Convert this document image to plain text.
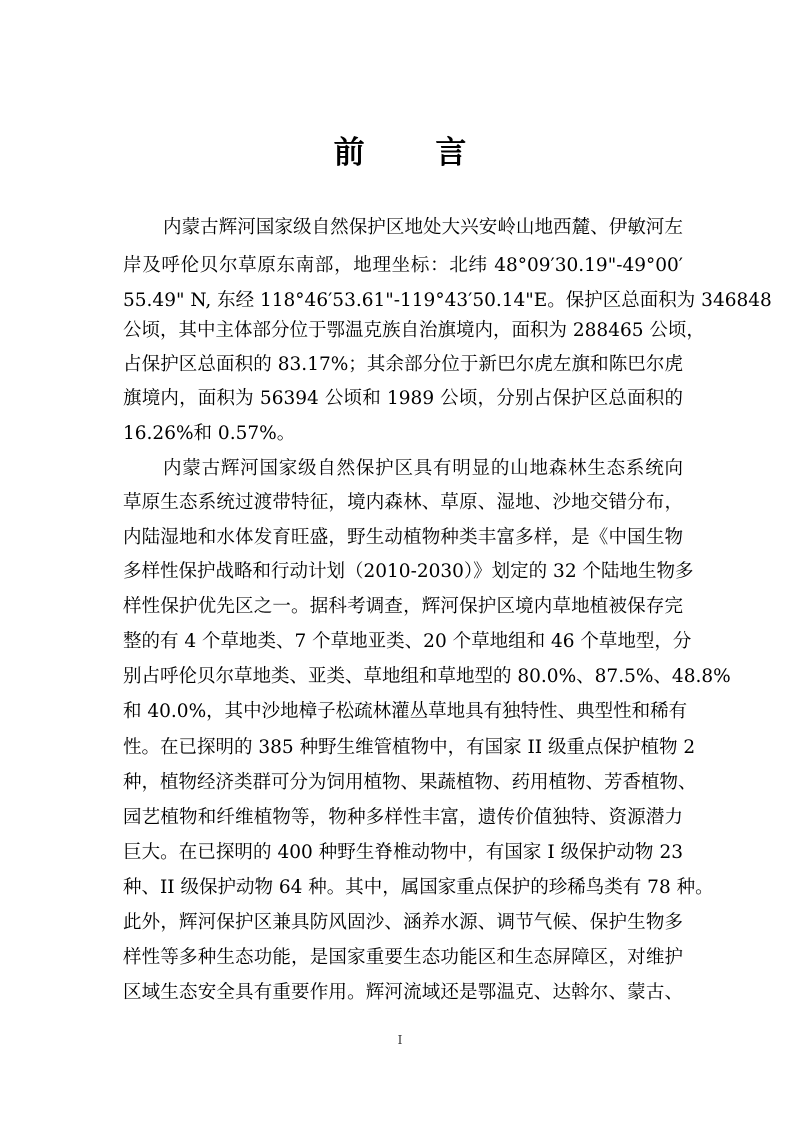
前 言
内蒙古辉河国家级自然保护区地处大兴安岭山地西麓、伊敏河左
岸及呼伦贝尔草原东南部，地理坐标：北纬 48°09′30.19"-49°00′
55.49" N, 东经 118°46′53.61"-119°43′50.14"E。保护区总面积为 346848
公顷，其中主体部分位于鄂温克族自治旗境内，面积为 288465 公顷，
占保护区总面积的 83.17%；其余部分位于新巴尔虎左旗和陈巴尔虎
旗境内，面积为 56394 公顷和 1989 公顷，分别占保护区总面积的
16.26%和 0.57%。
内蒙古辉河国家级自然保护区具有明显的山地森林生态系统向
草原生态系统过渡带特征，境内森林、草原、湿地、沙地交错分布，
内陆湿地和水体发育旺盛，野生动植物种类丰富多样，是《中国生物
多样性保护战略和行动计划（2010-2030）》划定的 32 个陆地生物多
样性保护优先区之一。据科考调查，辉河保护区境内草地植被保存完
整的有 4 个草地类、7 个草地亚类、20 个草地组和 46 个草地型，分
别占呼伦贝尔草地类、亚类、草地组和草地型的 80.0%、87.5%、48.8%
和 40.0%，其中沙地樟子松疏林灌丛草地具有独特性、典型性和稀有
性。在已探明的 385 种野生维管植物中，有国家 II 级重点保护植物 2
种，植物经济类群可分为饲用植物、果蔬植物、药用植物、芳香植物、
园艺植物和纤维植物等，物种多样性丰富，遗传价值独特、资源潜力
巨大。在已探明的 400 种野生脊椎动物中，有国家 I 级保护动物 23
种、II 级保护动物 64 种。其中，属国家重点保护的珍稀鸟类有 78 种。
此外，辉河保护区兼具防风固沙、涵养水源、调节气候、保护生物多
样性等多种生态功能，是国家重要生态功能区和生态屏障区，对维护
区域生态安全具有重要作用。辉河流域还是鄂温克、达斡尔、蒙古、
I
